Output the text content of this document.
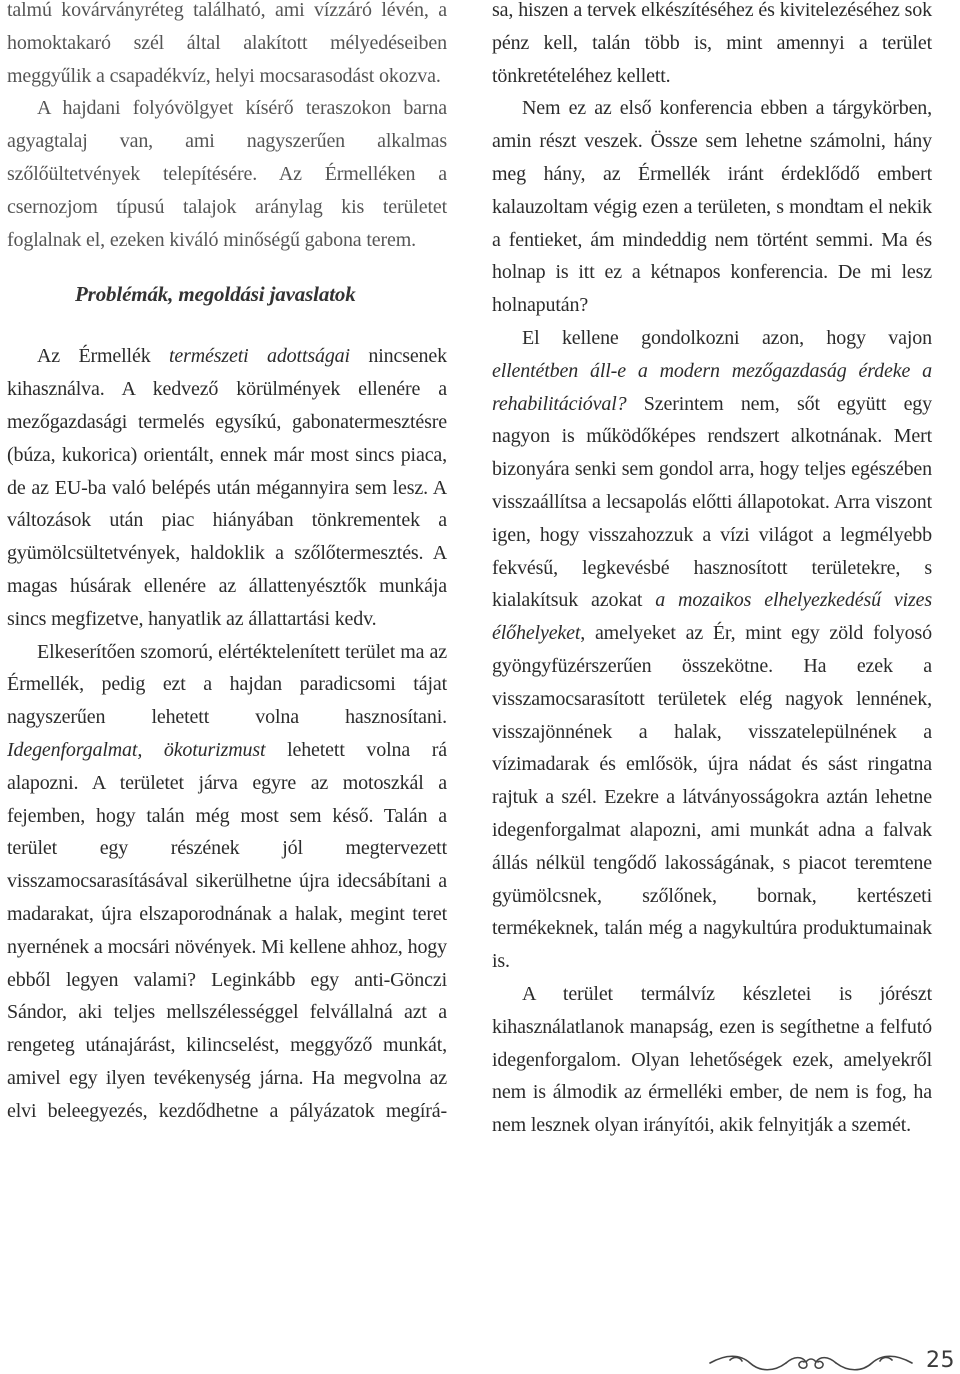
talmú kovárványréteg található, ami vízzáró lévén, a homoktakaró szél által alakított mélyedéseiben meggyűlik a csapadékvíz, helyi mocsarasodást okozva.

A hajdani folyóvölgyet kísérő teraszokon barna agyagtalaj van, ami nagyszerűen alkalmas szőlőültetvények telepítésére. Az Érmelléken a csernozjom típusú talajok aránylag kis területet foglalnak el, ezeken kiváló minőségű gabona terem.

Problémák, megoldási javaslatok

Az Érmellék természeti adottságai nincsenek kihasználva. A kedvező körülmények ellenére a mezőgazdasági termelés egysíkú, gabonatermesztésre (búza, kukorica) orientált, ennek már most sincs piaca, de az EU-ba való belépés után mégannyira sem lesz. A változások után piac hiányában tönkrementek a gyümölcsültetvények, haldoklik a szőlőtermesztés. A magas húsárak ellenére az állattenyésztők munkája sincs megfizetve, hanyatlik az állattartási kedv.

Elkeserítően szomorú, elértéktelenített terület ma az Érmellék, pedig ezt a hajdan paradicsomi tájat nagyszerűen lehetett volna hasznosítani. Idegenforgalmat, ökoturizmust lehetett volna rá alapozni. A területet járva egyre az motoszkál a fejemben, hogy talán még most sem késő. Talán a terület egy részének jól megtervezett visszamocsarasításával sikerülhetne újra idecsábítani a madarakat, újra elszaporodnának a halak, megint teret nyernének a mocsári növények. Mi kellene ahhoz, hogy ebből legyen valami? Leginkább egy anti-Gönczi Sándor, aki teljes mellszélességgel felvállalná azt a rengeteg utánajárást, kilincselést, meggyőző munkát, amivel egy ilyen tevékenység járna. Ha megvolna az elvi beleegyezés, kezdődhetne a pályázatok megírá-

sa, hiszen a tervek elkészítéséhez és kivitelezéséhez sok pénz kell, talán több is, mint amennyi a terület tönkretételéhez kellett.

Nem ez az első konferencia ebben a tárgykörben, amin részt veszek. Össze sem lehetne számolni, hány meg hány, az Érmellék iránt érdeklődő embert kalauzoltam végig ezen a területen, s mondtam el nekik a fentieket, ám mindeddig nem történt semmi. Ma és holnap is itt ez a kétnapos konferencia. De mi lesz holnapután?

El kellene gondolkozni azon, hogy vajon ellentétben áll-e a modern mezőgazdaság érdeke a rehabilitációval? Szerintem nem, sőt együtt egy nagyon is működőképes rendszert alkotnának. Mert bizonyára senki sem gondol arra, hogy teljes egészében visszaállítsa a lecsapolás előtti állapotokat. Arra viszont igen, hogy visszahozzuk a vízi világot a legmélyebb fekvésű, legkevésbé hasznosított területekre, s kialakítsuk azokat a mozaikos elhelyezkedésű vizes élőhelyeket, amelyeket az Ér, mint egy zöld folyosó gyöngyfüzérszerűen összekötne. Ha ezek a visszamocsarasított területek elég nagyok lennének, visszajönnének a halak, visszatelepülnének a vízimadarak és emlősök, újra nádat és sást ringatna rajtuk a szél. Ezekre a látványosságokra aztán lehetne idegenforgalmat alapozni, ami munkát adna a falvak állás nélkül tengődő lakosságának, s piacot teremtene gyümölcsnek, szőlőnek, bornak, kertészeti termékeknek, talán még a nagykultúra produktumainak is.

A terület termálvíz készletei is jórészt kihasználatlanok manapság, ezen is segíthetne a felfutó idegenforgalom. Olyan lehetőségek ezek, amelyekről nem is álmodik az érmelléki ember, de nem is fog, ha nem lesznek olyan irányítói, akik felnyitják a szemét.

25
